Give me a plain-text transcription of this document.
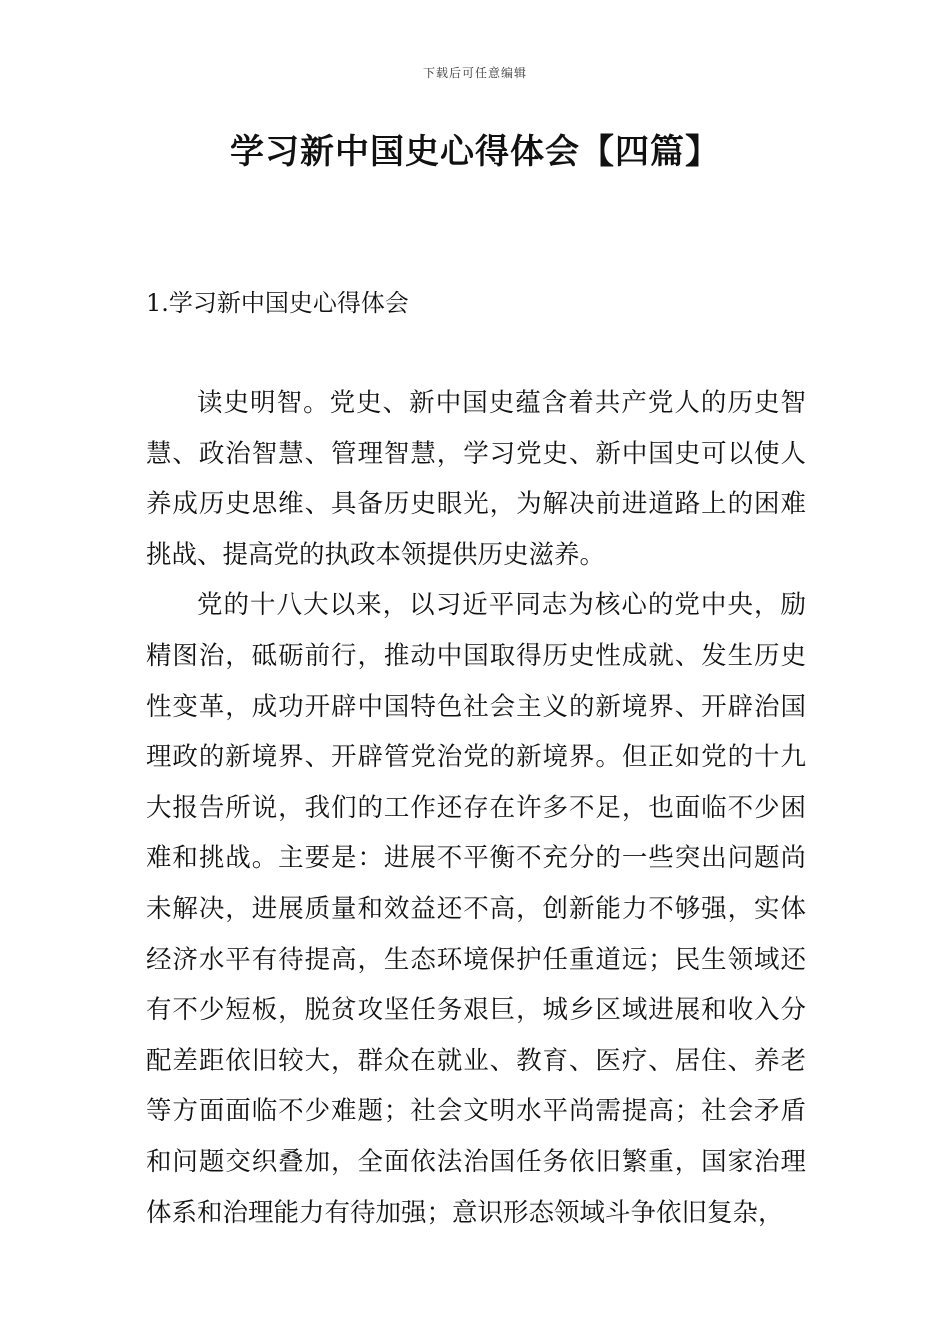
下载后可任意编辑
学习新中国史心得体会【四篇】
1.学习新中国史心得体会

读史明智。党史、新中国史蕴含着共产党人的历史智慧、政治智慧、管理智慧，学习党史、新中国史可以使人养成历史思维、具备历史眼光，为解决前进道路上的困难挑战、提高党的执政本领提供历史滋养。

党的十八大以来，以习近平同志为核心的党中央，励精图治，砥砺前行，推动中国取得历史性成就、发生历史性变革，成功开辟中国特色社会主义的新境界、开辟治国理政的新境界、开辟管党治党的新境界。但正如党的十九大报告所说，我们的工作还存在许多不足，也面临不少困难和挑战。主要是：进展不平衡不充分的一些突出问题尚未解决，进展质量和效益还不高，创新能力不够强，实体经济水平有待提高，生态环境保护任重道远；民生领域还有不少短板，脱贫攻坚任务艰巨，城乡区域进展和收入分配差距依旧较大，群众在就业、教育、医疗、居住、养老等方面面临不少难题；社会文明水平尚需提高；社会矛盾和问题交织叠加，全面依法治国任务依旧繁重，国家治理体系和治理能力有待加强；意识形态领域斗争依旧复杂，
